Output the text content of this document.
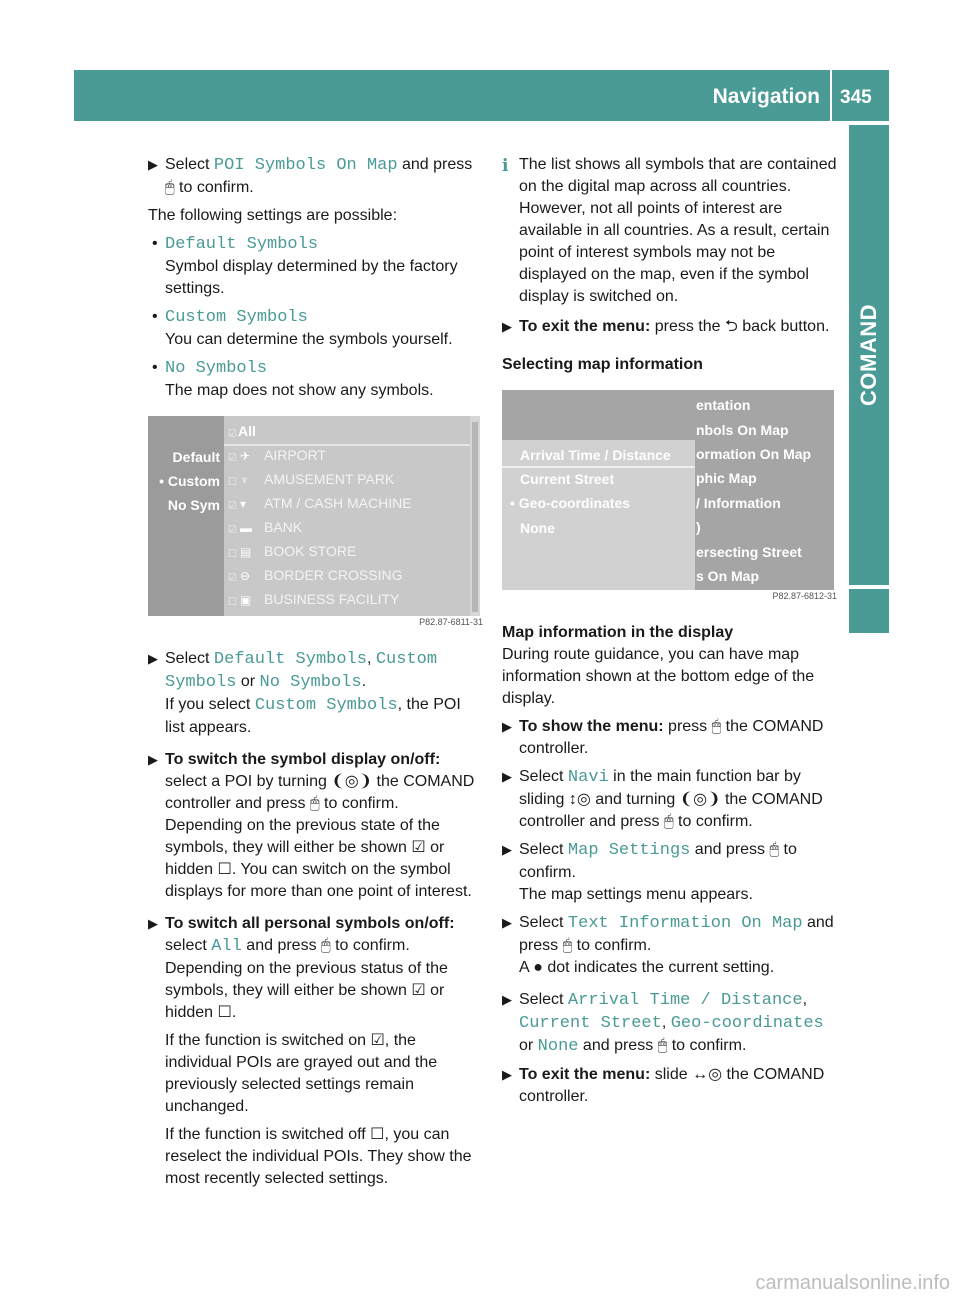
Navigation 345
COMAND
▶ Select POI Symbols On Map and press
🖱 to confirm.

The following settings are possible:

• Default Symbols
Symbol display determined by the factory settings.
• Custom Symbols
You can determine the symbols yourself.
• No Symbols
The map does not show any symbols.
Default
• Custom
No Sym
☑ All
☑ ✈ AIRPORT
☐ ♆ AMUSEMENT PARK
☑ ▾ ATM / CASH MACHINE
☑ ▬ BANK
☐ ▤ BOOK STORE
☑ ⊖ BORDER CROSSING
☐ ▣ BUSINESS FACILITY
P82.87-6811-31
▶ Select Default Symbols, Custom Symbols or No Symbols.
If you select Custom Symbols, the POI list appears.
▶ To switch the symbol display on/off:
select a POI by turning ❨◎❩ the COMAND controller and press 🖱 to confirm.
Depending on the previous state of the symbols, they will either be shown ☑ or hidden ☐. You can switch on the symbol displays for more than one point of interest.
▶ To switch all personal symbols on/off:
select All and press 🖱 to confirm.
Depending on the previous status of the symbols, they will either be shown ☑ or hidden ☐.

If the function is switched on ☑, the individual POIs are grayed out and the previously selected settings remain unchanged.

If the function is switched off ☐, you can reselect the individual POIs. They show the most recently selected settings.

i The list shows all symbols that are contained on the digital map across all countries. However, not all points of interest are available in all countries. As a result, certain point of interest symbols may not be displayed on the map, even if the symbol display is switched on.
▶ To exit the menu: press the ⮌ back button.

Selecting map information

entation
nbols On Map
ormation On Map
phic Map
/ Information
)
ersecting Street
s On Map
Arrival Time / Distance
Current Street
• Geo-coordinates
None
P82.87-6812-31

Map information in the display

During route guidance, you can have map information shown at the bottom edge of the display.

▶ To show the menu: press 🖱 the COMAND controller.
▶ Select Navi in the main function bar by sliding ↕◎ and turning ❨◎❩ the COMAND controller and press 🖱 to confirm.
▶ Select Map Settings and press 🖱 to confirm.
The map settings menu appears.
▶ Select Text Information On Map and press 🖱 to confirm.
A ● dot indicates the current setting.
▶ Select Arrival Time / Distance, Current Street, Geo-coordinates or None and press 🖱 to confirm.
▶ To exit the menu: slide ↔◎ the COMAND controller.
carmanualsonline.info
